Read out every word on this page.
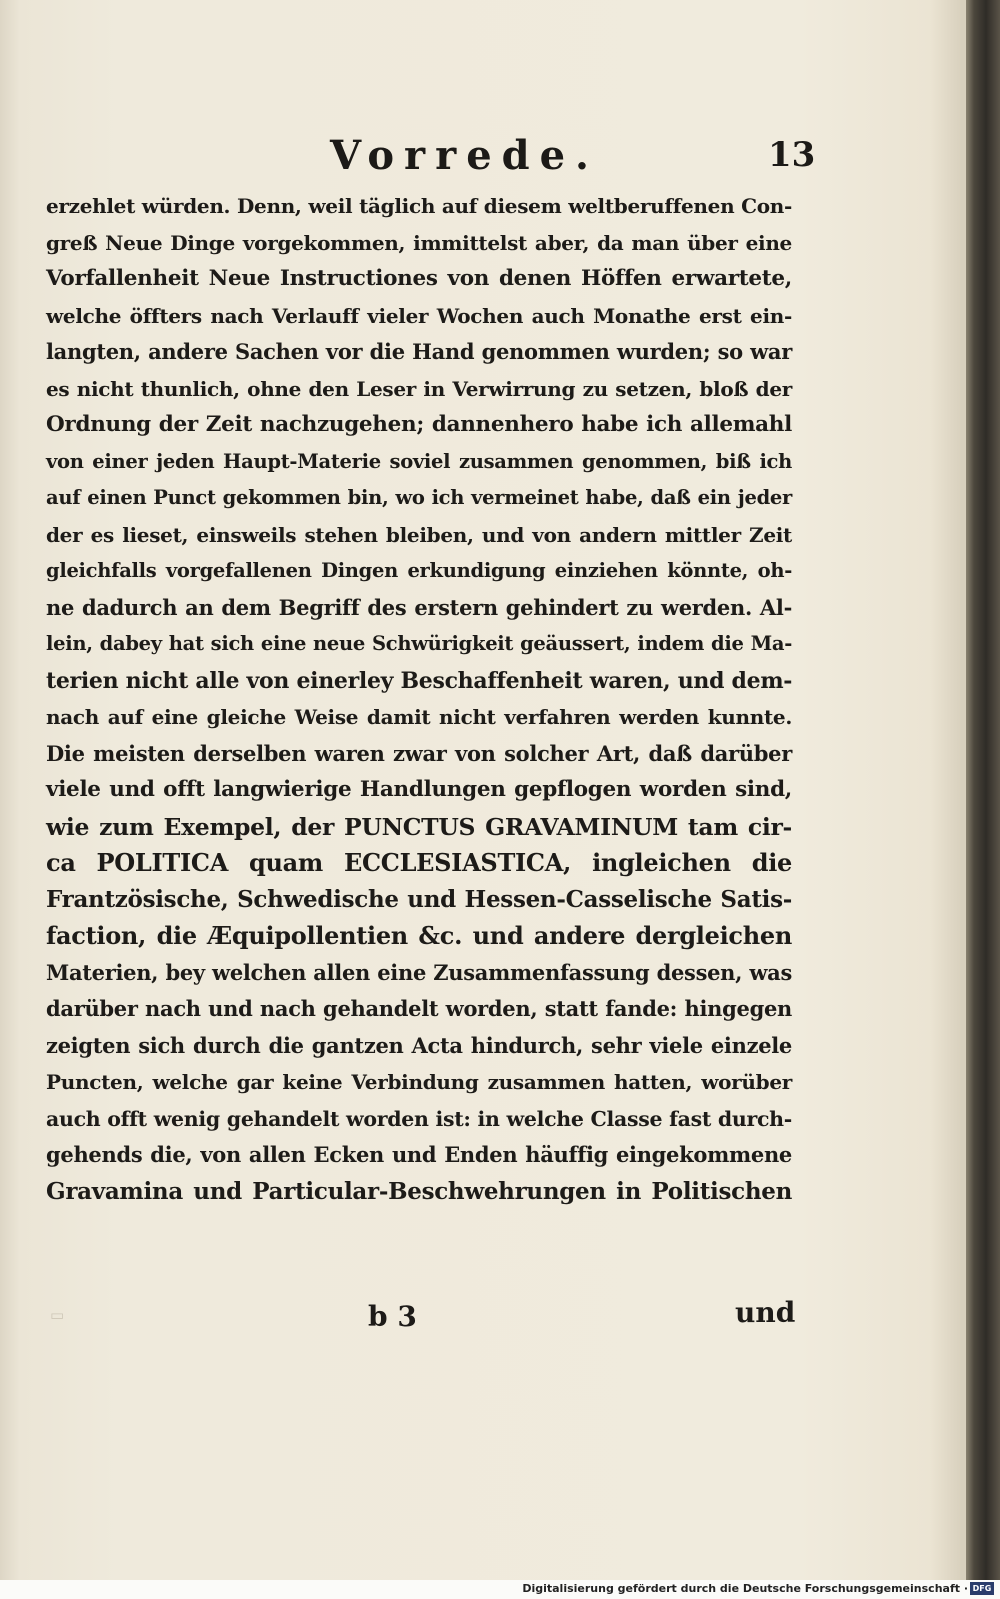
Vorrede.	13
erzehlet würden. Denn, weil täglich auf diesem weltberuffenen Con-
greß Neue Dinge vorgekommen, immittelst aber, da man über eine
Vorfallenheit Neue Instructiones von denen Höffen erwartete,
welche öffters nach Verlauff vieler Wochen auch Monathe erst ein-
langten, andere Sachen vor die Hand genommen wurden; so war
es nicht thunlich, ohne den Leser in Verwirrung zu setzen, bloß der
Ordnung der Zeit nachzugehen; dannenhero habe ich allemahl
von einer jeden Haupt-Materie soviel zusammen genommen, biß ich
auf einen Punct gekommen bin, wo ich vermeinet habe, daß ein jeder
der es lieset, einsweils stehen bleiben, und von andern mittler Zeit
gleichfalls vorgefallenen Dingen erkundigung einziehen könnte, oh-
ne dadurch an dem Begriff des erstern gehindert zu werden. Al-
lein, dabey hat sich eine neue Schwürigkeit geäussert, indem die Ma-
terien nicht alle von einerley Beschaffenheit waren, und dem-
nach auf eine gleiche Weise damit nicht verfahren werden kunnte.
Die meisten derselben waren zwar von solcher Art, daß darüber
viele und offt langwierige Handlungen gepflogen worden sind,
wie zum Exempel, der PUNCTUS GRAVAMINUM tam cir-
ca POLITICA quam ECCLESIASTICA, ingleichen die
Frantzösische, Schwedische und Hessen-Casselische Satis-
faction, die Æquipollentien &c. und andere dergleichen
Materien, bey welchen allen eine Zusammenfassung dessen, was
darüber nach und nach gehandelt worden, statt fande: hingegen
zeigten sich durch die gantzen Acta hindurch, sehr viele einzele
Puncten, welche gar keine Verbindung zusammen hatten, worüber
auch offt wenig gehandelt worden ist: in welche Classe fast durch-
gehends die, von allen Ecken und Enden häuffig eingekommene
Gravamina und Particular-Beschwehrungen in Politischen
▭	b 3	und
Digitalisierung gefördert durch die Deutsche Forschungsgemeinschaft · DFG
